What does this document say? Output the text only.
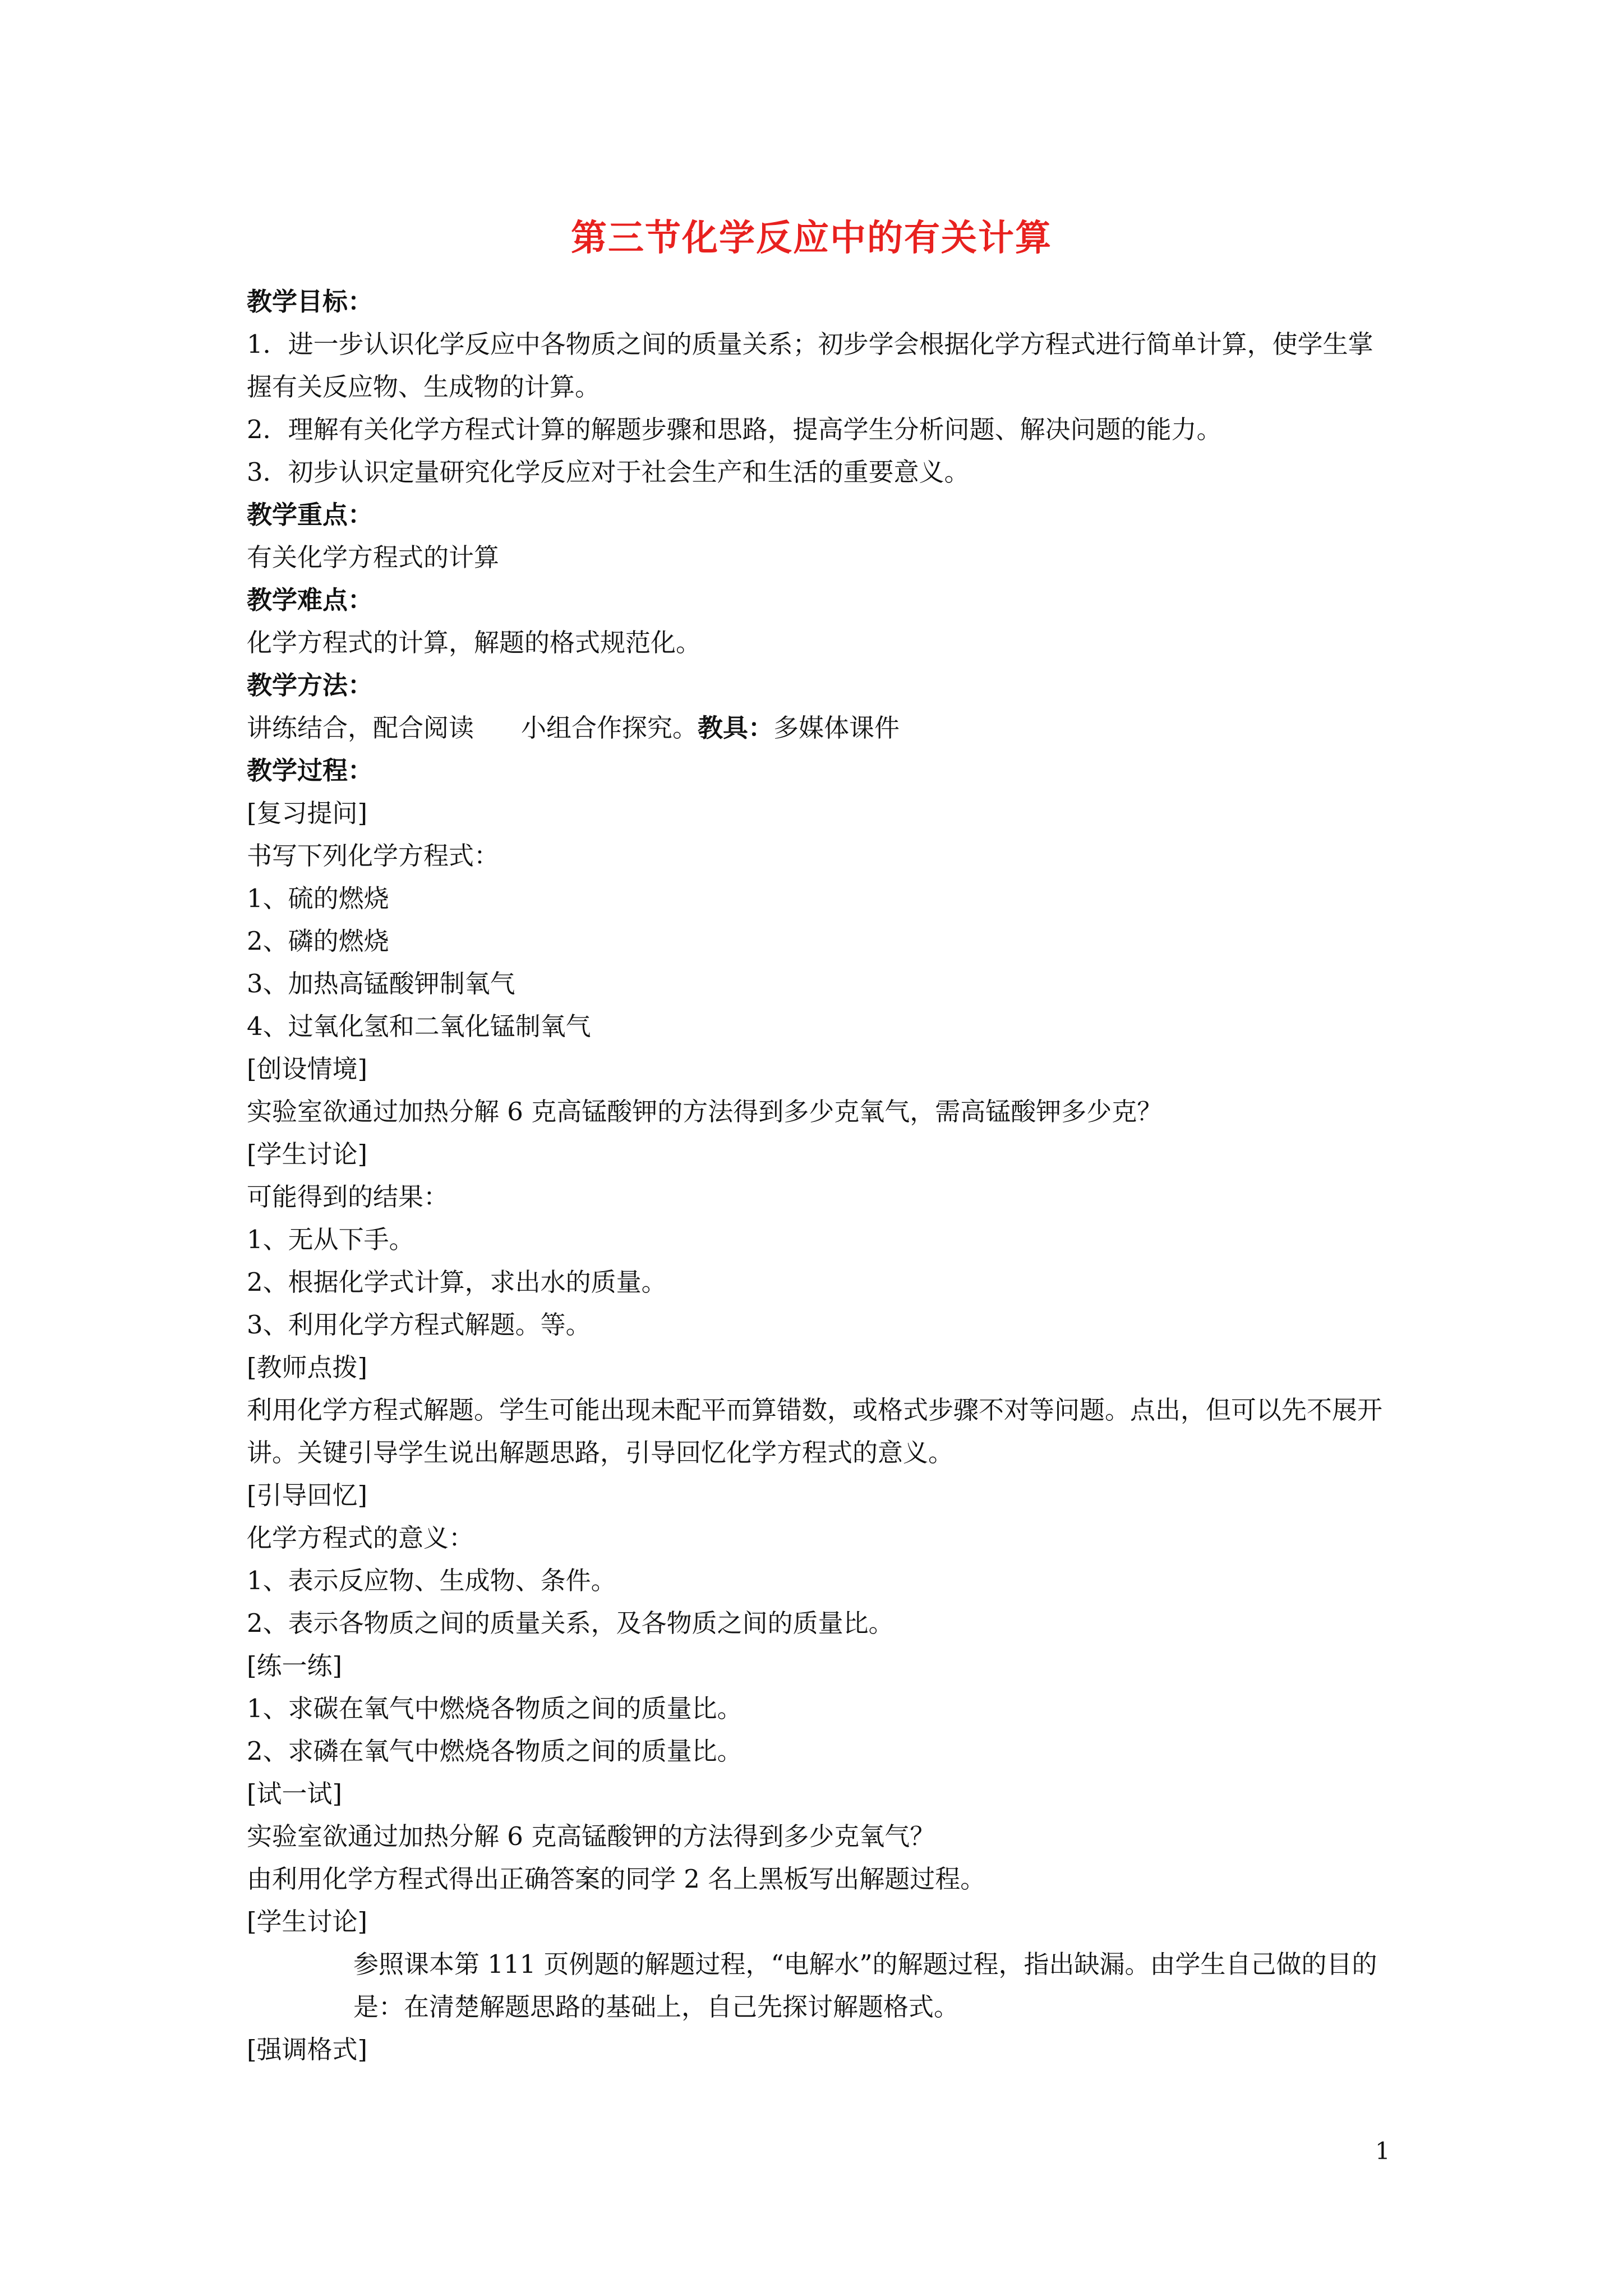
第三节化学反应中的有关计算
教学目标：
1．进一步认识化学反应中各物质之间的质量关系；初步学会根据化学方程式进行简单计算，使学生掌握有关反应物、生成物的计算。
2．理解有关化学方程式计算的解题步骤和思路，提高学生分析问题、解决问题的能力。
3．初步认识定量研究化学反应对于社会生产和生活的重要意义。
教学重点：
有关化学方程式的计算
教学难点：
化学方程式的计算，解题的格式规范化。
教学方法：
讲练结合，配合阅读 小组合作探究。教具：多媒体课件
教学过程：
[复习提问]
书写下列化学方程式：
1、硫的燃烧
2、磷的燃烧
3、加热高锰酸钾制氧气
4、过氧化氢和二氧化锰制氧气
[创设情境]
实验室欲通过加热分解 6 克高锰酸钾的方法得到多少克氧气，需高锰酸钾多少克？
[学生讨论]
可能得到的结果：
1、无从下手。
2、根据化学式计算，求出水的质量。
3、利用化学方程式解题。等。
[教师点拨]
利用化学方程式解题。学生可能出现未配平而算错数，或格式步骤不对等问题。点出，但可以先不展开讲。关键引导学生说出解题思路，引导回忆化学方程式的意义。
[引导回忆]
化学方程式的意义：
1、表示反应物、生成物、条件。
2、表示各物质之间的质量关系，及各物质之间的质量比。
[练一练]
1、求碳在氧气中燃烧各物质之间的质量比。
2、求磷在氧气中燃烧各物质之间的质量比。
[试一试]
实验室欲通过加热分解 6 克高锰酸钾的方法得到多少克氧气？
由利用化学方程式得出正确答案的同学 2 名上黑板写出解题过程。
[学生讨论]
参照课本第 111 页例题的解题过程，“电解水”的解题过程，指出缺漏。由学生自己做的目的是：在清楚解题思路的基础上，自己先探讨解题格式。
[强调格式]
1
